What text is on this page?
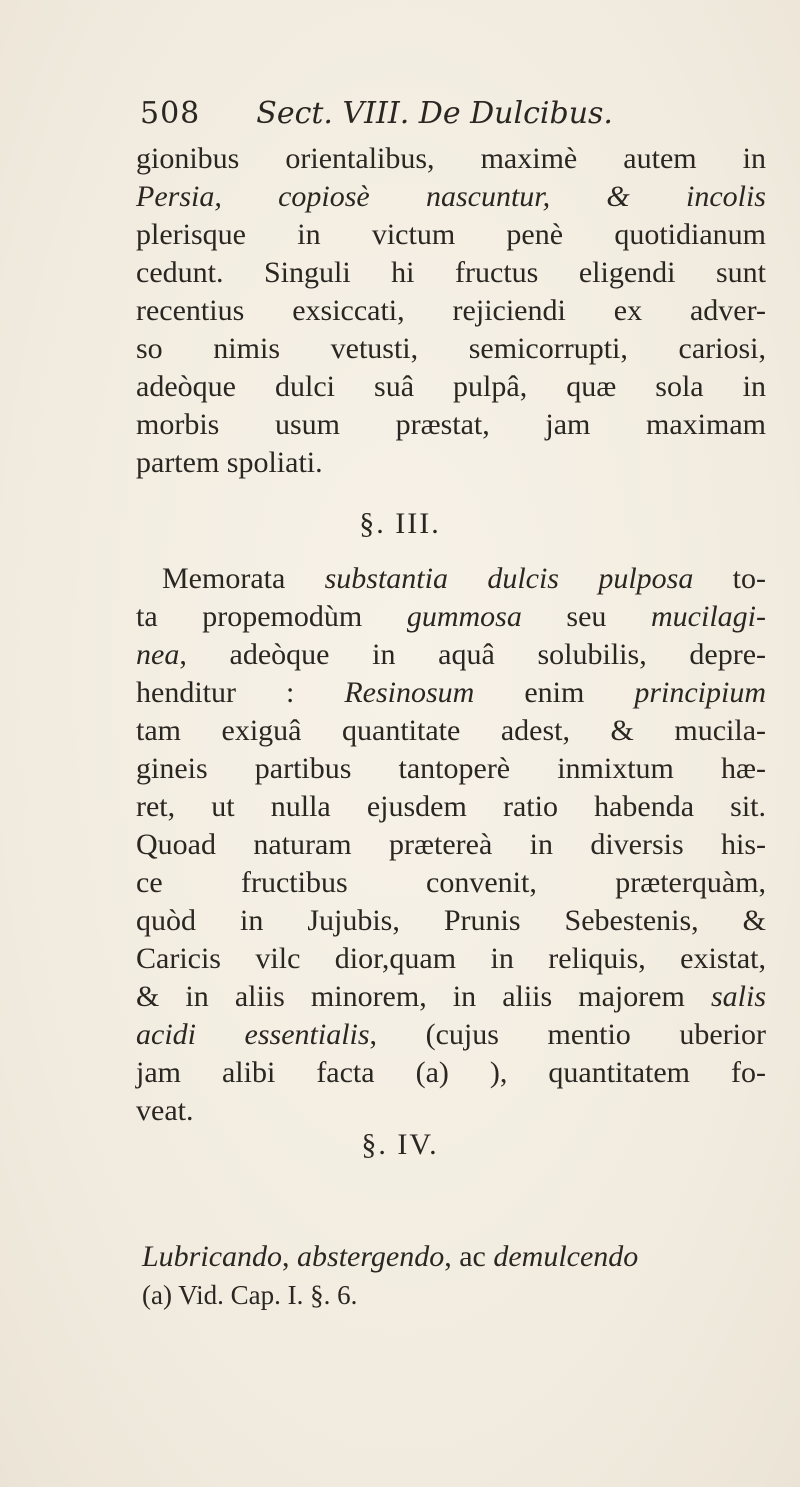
508 Sect. VIII. De Dulcibus.
gionibus orientalibus, maximè autem in
Persia, copiosè nascuntur, & incolis
plerisque in victum penè quotidianum
cedunt. Singuli hi fructus eligendi sunt
recentius exsiccati, rejiciendi ex adver-
so nimis vetusti, semicorrupti, cariosi,
adeòque dulci suâ pulpâ, quæ sola in
morbis usum præstat, jam maximam
partem spoliati.
§. III.
Memorata substantia dulcis pulposa to-
ta propemodùm gummosa seu mucilagi-
nea, adeòque in aquâ solubilis, depre-
henditur : Resinosum enim principium
tam exiguâ quantitate adest, & mucila-
gineis partibus tantoperè inmixtum hæ-
ret, ut nulla ejusdem ratio habenda sit.
Quoad naturam prætereà in diversis his-
ce fructibus convenit, præterquàm,
quòd in Jujubis, Prunis Sebestenis, &
Caricis vilc dior,quam in reliquis, existat,
& in aliis minorem, in aliis majorem salis
acidi essentialis, (cujus mentio uberior
jam alibi facta (a) ), quantitatem fo-
veat.
§. IV.
Lubricando, abstergendo, ac demulcendo
(a) Vid. Cap. I. §. 6.
